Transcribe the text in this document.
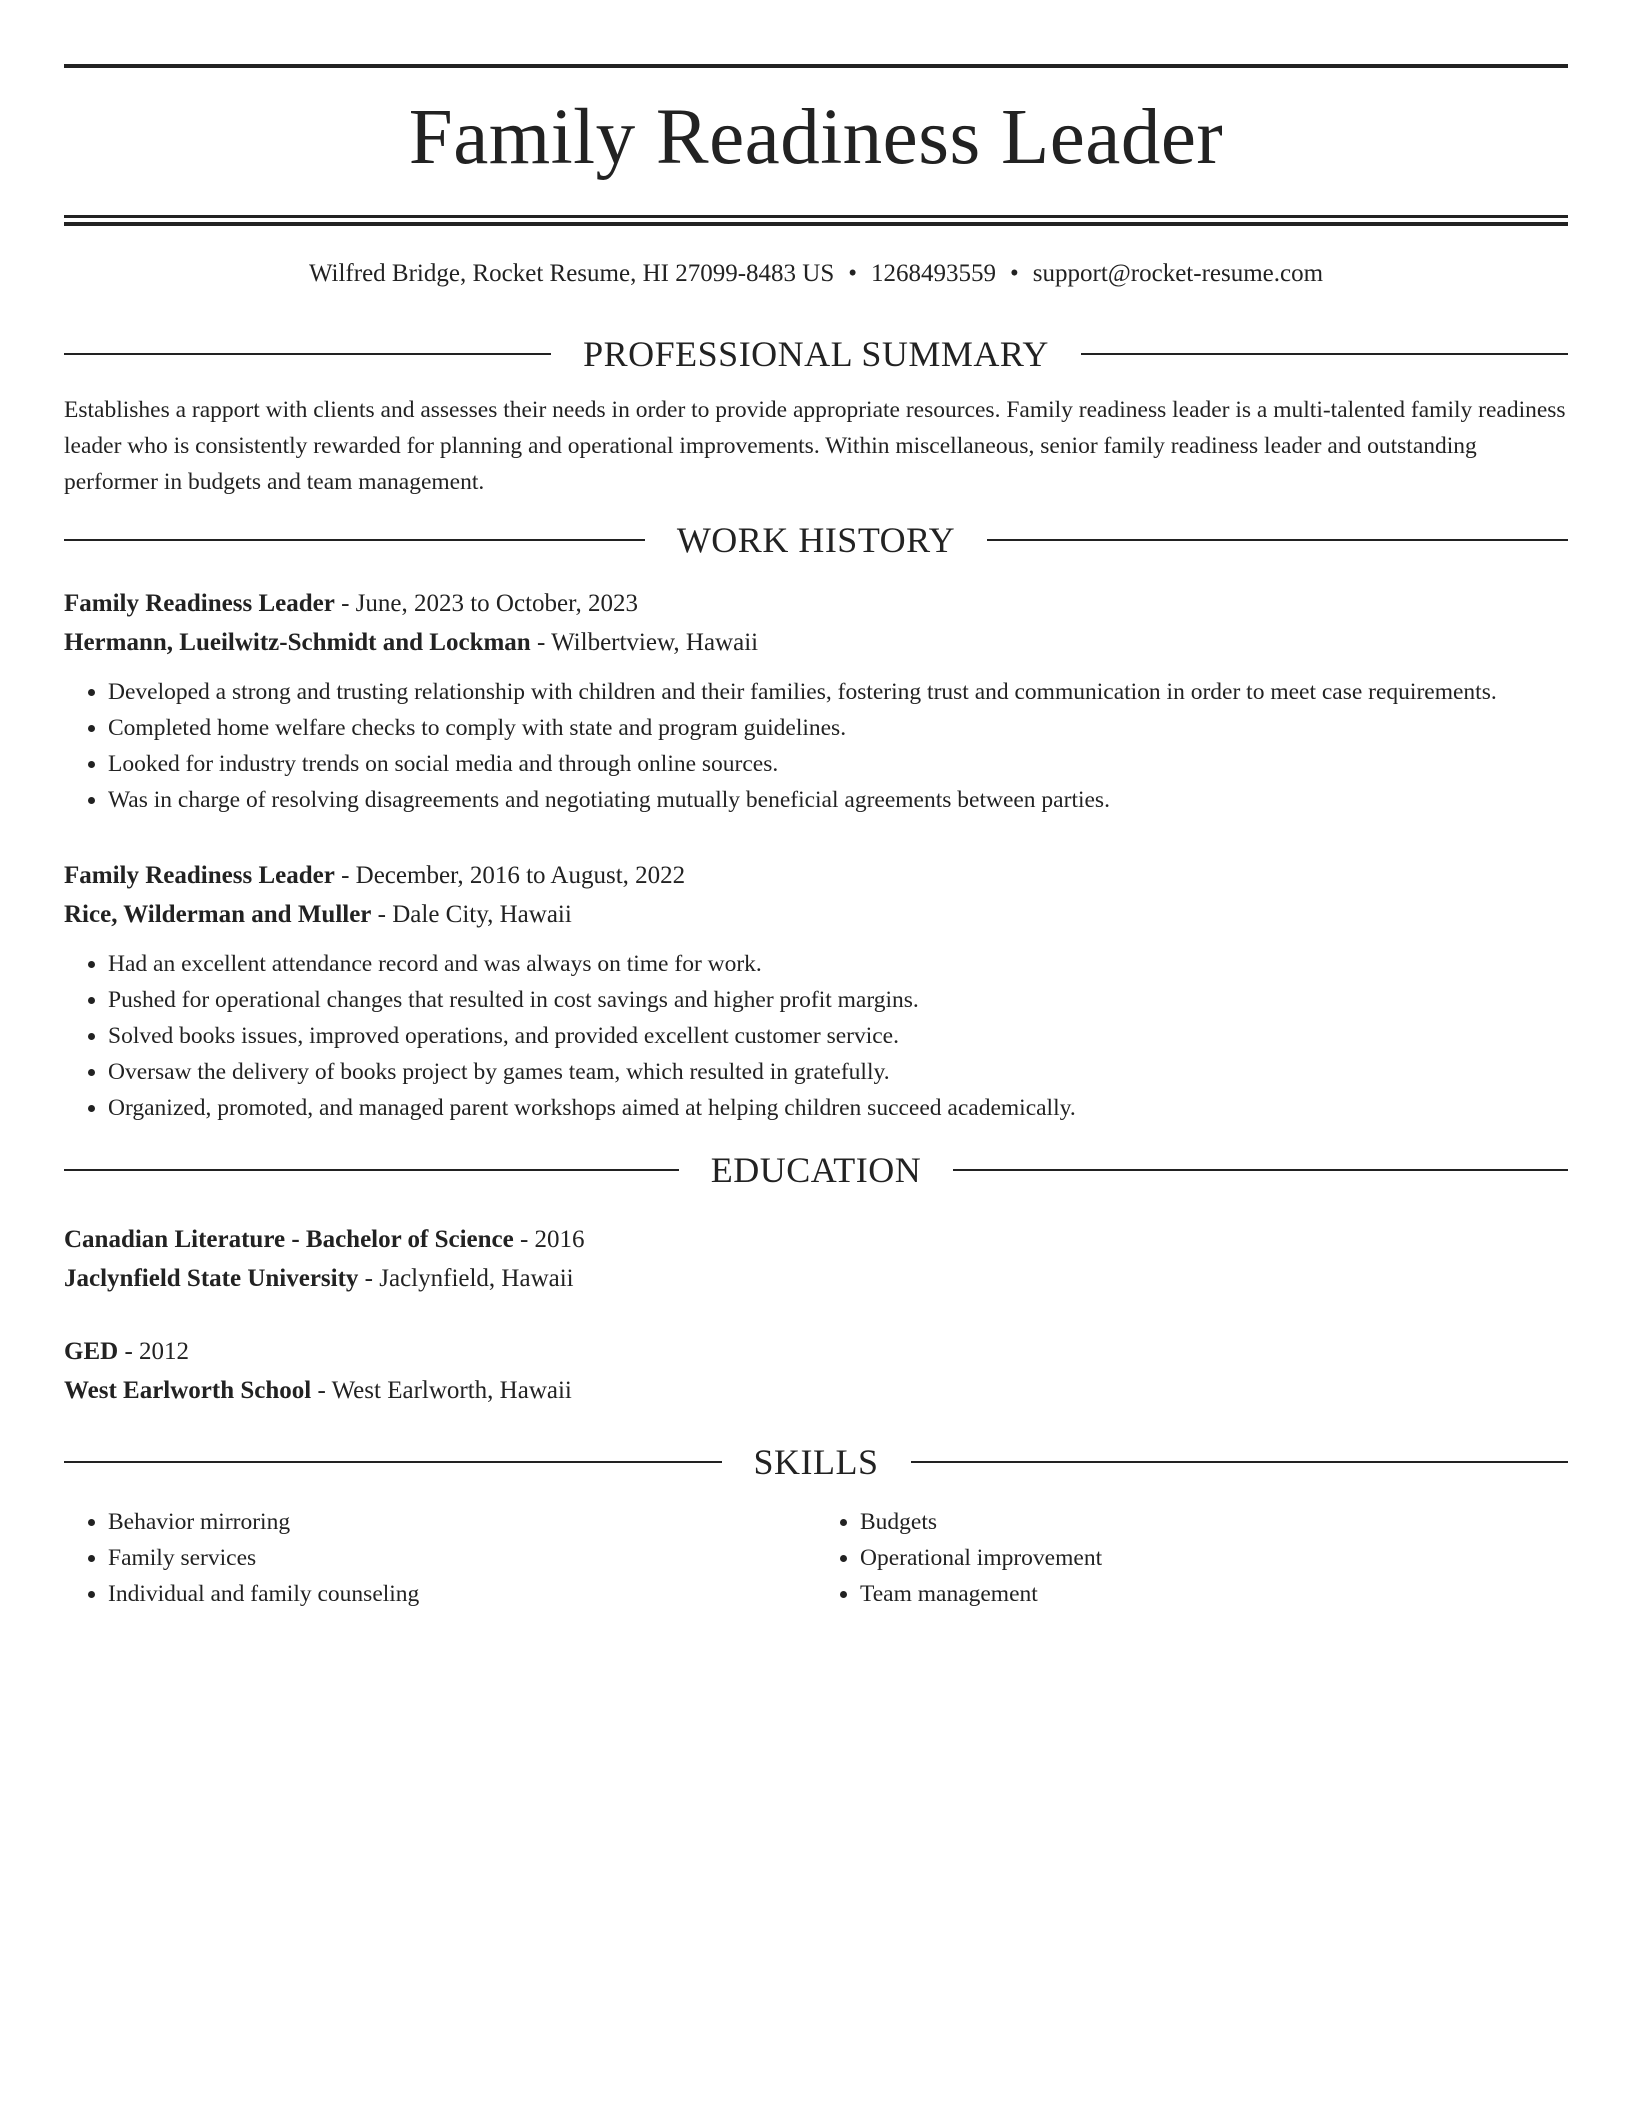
Family Readiness Leader
Wilfred Bridge, Rocket Resume, HI 27099-8483 US • 1268493559 • support@rocket-resume.com
PROFESSIONAL SUMMARY

Establishes a rapport with clients and assesses their needs in order to provide appropriate resources. Family readiness leader is a multi-talented family readiness leader who is consistently rewarded for planning and operational improvements. Within miscellaneous, senior family readiness leader and outstanding performer in budgets and team management.

WORK HISTORY
Family Readiness Leader - June, 2023 to October, 2023
Hermann, Lueilwitz-Schmidt and Lockman - Wilbertview, Hawaii
• Developed a strong and trusting relationship with children and their families, fostering trust and communication in order to meet case requirements.
• Completed home welfare checks to comply with state and program guidelines.
• Looked for industry trends on social media and through online sources.
• Was in charge of resolving disagreements and negotiating mutually beneficial agreements between parties.
Family Readiness Leader - December, 2016 to August, 2022
Rice, Wilderman and Muller - Dale City, Hawaii
• Had an excellent attendance record and was always on time for work.
• Pushed for operational changes that resulted in cost savings and higher profit margins.
• Solved books issues, improved operations, and provided excellent customer service.
• Oversaw the delivery of books project by games team, which resulted in gratefully.
• Organized, promoted, and managed parent workshops aimed at helping children succeed academically.
EDUCATION
Canadian Literature - Bachelor of Science - 2016
Jaclynfield State University - Jaclynfield, Hawaii
GED - 2012
West Earlworth School - West Earlworth, Hawaii
SKILLS
• Behavior mirroring
• Family services
• Individual and family counseling
• Budgets
• Operational improvement
• Team management
